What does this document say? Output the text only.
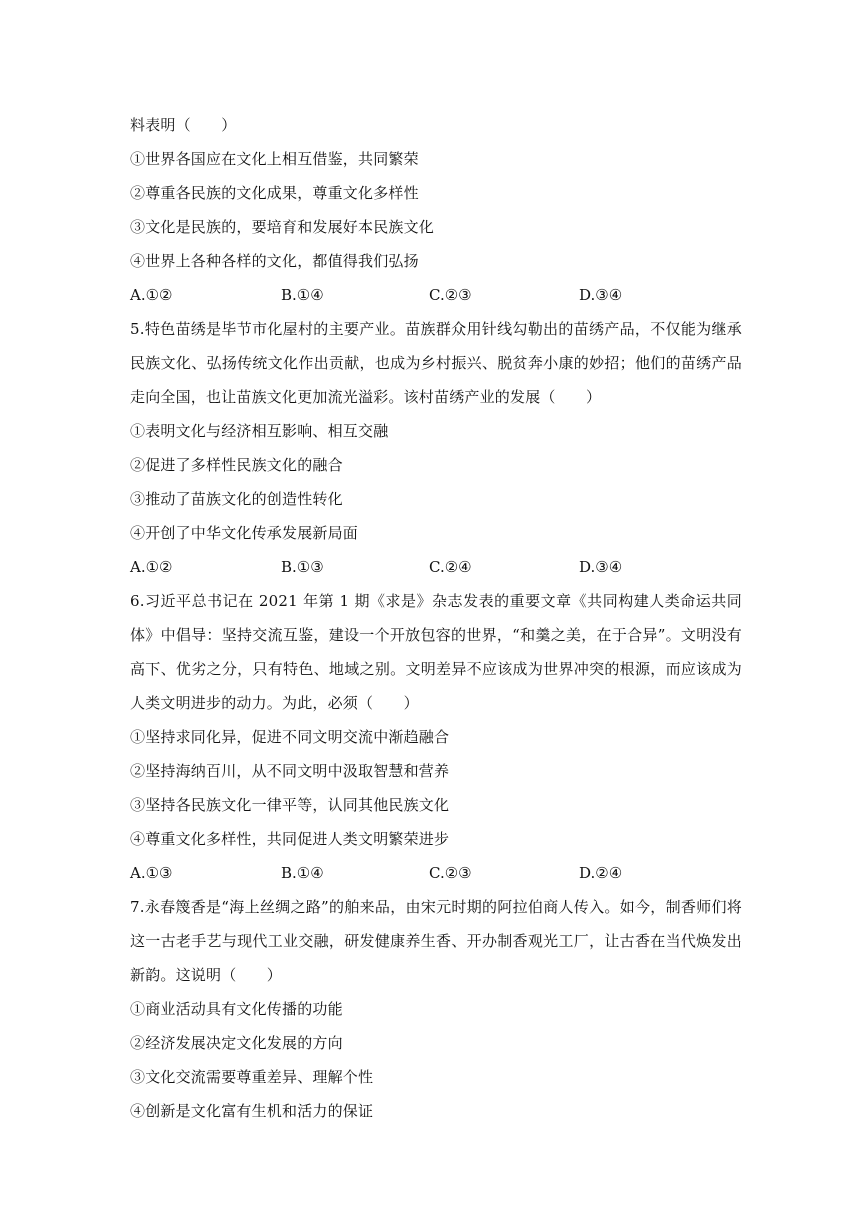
料表明（　　）
①世界各国应在文化上相互借鉴，共同繁荣
②尊重各民族的文化成果，尊重文化多样性
③文化是民族的，要培育和发展好本民族文化
④世界上各种各样的文化，都值得我们弘扬
A.①②	B.①④	C.②③	D.③④
5.特色苗绣是毕节市化屋村的主要产业。苗族群众用针线勾勒出的苗绣产品，不仅能为继承民族文化、弘扬传统文化作出贡献，也成为乡村振兴、脱贫奔小康的妙招；他们的苗绣产品走向全国，也让苗族文化更加流光溢彩。该村苗绣产业的发展（　　）
①表明文化与经济相互影响、相互交融
②促进了多样性民族文化的融合
③推动了苗族文化的创造性转化
④开创了中华文化传承发展新局面
A.①②	B.①③	C.②④	D.③④
6.习近平总书记在 2021 年第 1 期《求是》杂志发表的重要文章《共同构建人类命运共同体》中倡导：坚持交流互鉴，建设一个开放包容的世界，“和羹之美，在于合异”。文明没有高下、优劣之分，只有特色、地域之别。文明差异不应该成为世界冲突的根源，而应该成为人类文明进步的动力。为此，必须（　　）
①坚持求同化异，促进不同文明交流中渐趋融合
②坚持海纳百川，从不同文明中汲取智慧和营养
③坚持各民族文化一律平等，认同其他民族文化
④尊重文化多样性，共同促进人类文明繁荣进步
A.①③	B.①④	C.②③	D.②④
7.永春篾香是“海上丝绸之路”的舶来品，由宋元时期的阿拉伯商人传入。如今，制香师们将这一古老手艺与现代工业交融，研发健康养生香、开办制香观光工厂，让古香在当代焕发出新韵。这说明（　　）
①商业活动具有文化传播的功能
②经济发展决定文化发展的方向
③文化交流需要尊重差异、理解个性
④创新是文化富有生机和活力的保证
